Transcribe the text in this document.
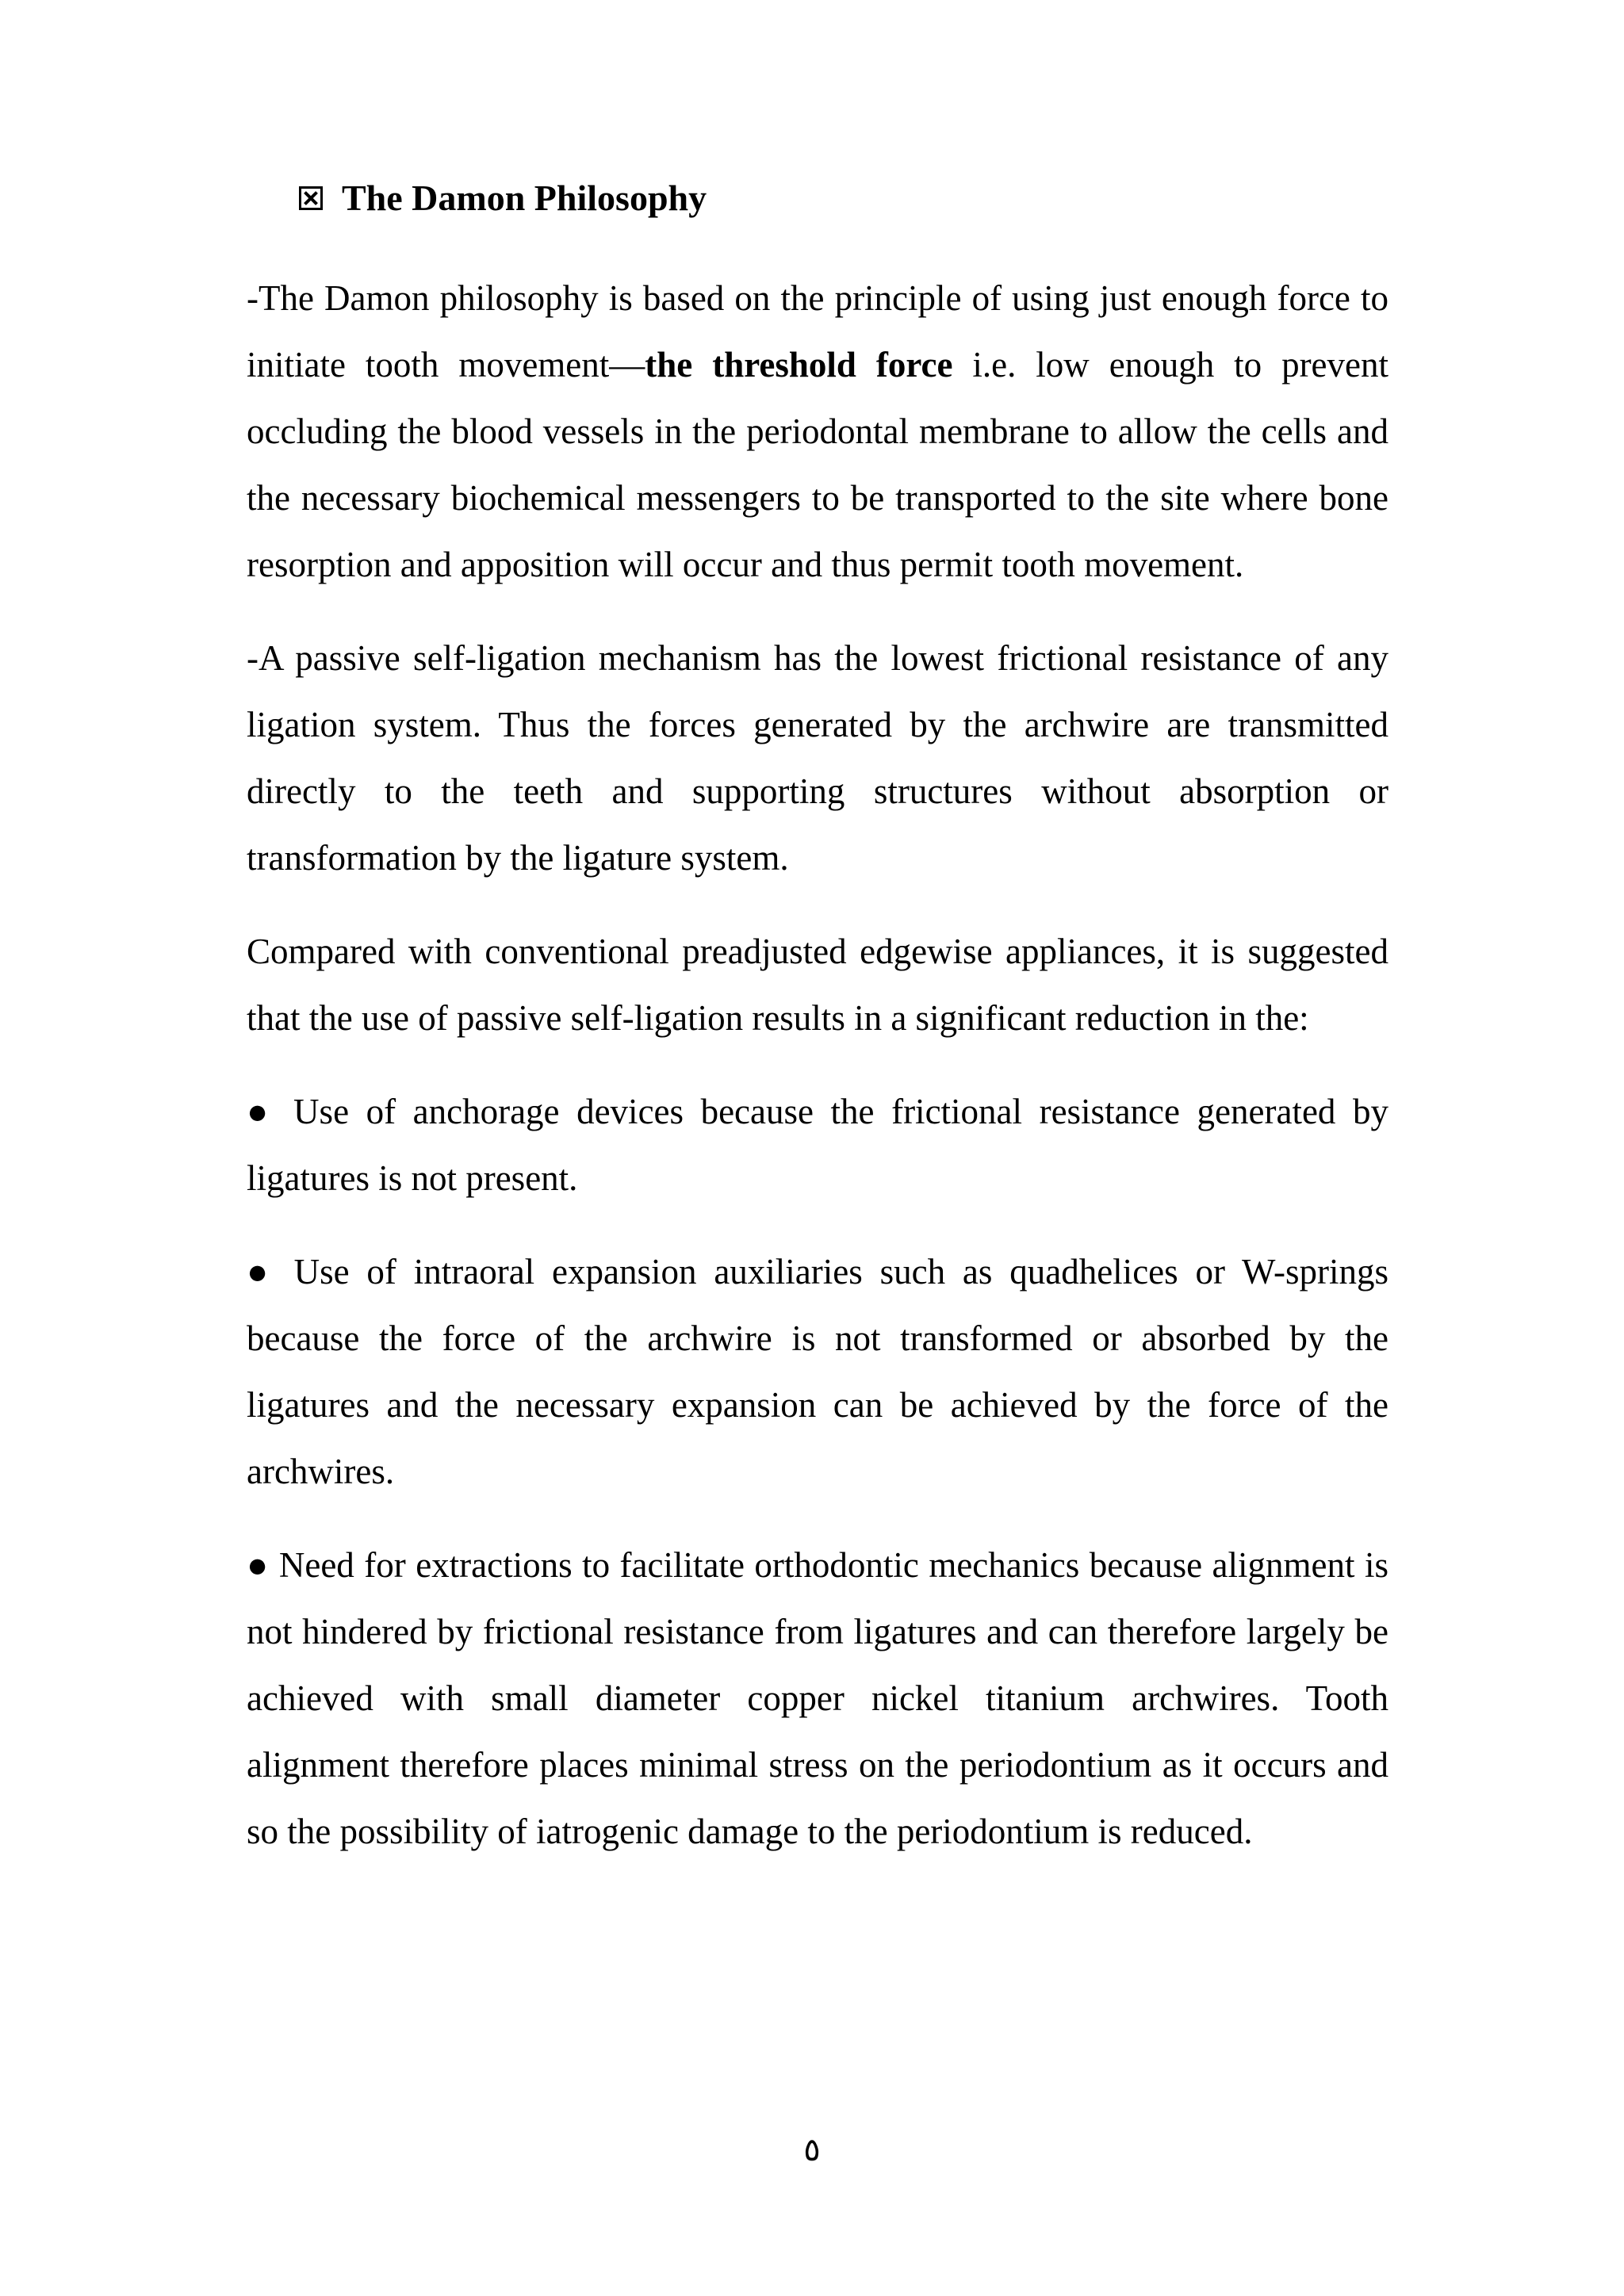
The Damon Philosophy

-The Damon philosophy is based on the principle of using just enough force to initiate tooth movement—the threshold force i.e. low enough to prevent occluding the blood vessels in the periodontal membrane to allow the cells and the necessary biochemical messengers to be transported to the site where bone resorption and apposition will occur and thus permit tooth movement.

-A passive self-ligation mechanism has the lowest frictional resistance of any ligation system. Thus the forces generated by the archwire are transmitted directly to the teeth and supporting structures without absorption or transformation by the ligature system.

Compared with conventional preadjusted edgewise appliances, it is suggested that the use of passive self-ligation results in a significant reduction in the:

● Use of anchorage devices because the frictional resistance generated by ligatures is not present.

● Use of intraoral expansion auxiliaries such as quadhelices or W-springs because the force of the archwire is not transformed or absorbed by the ligatures and the necessary expansion can be achieved by the force of the archwires.

● Need for extractions to facilitate orthodontic mechanics because alignment is not hindered by frictional resistance from ligatures and can therefore largely be achieved with small diameter copper nickel titanium archwires. Tooth alignment therefore places minimal stress on the periodontium as it occurs and so the possibility of iatrogenic damage to the periodontium is reduced.

٥
